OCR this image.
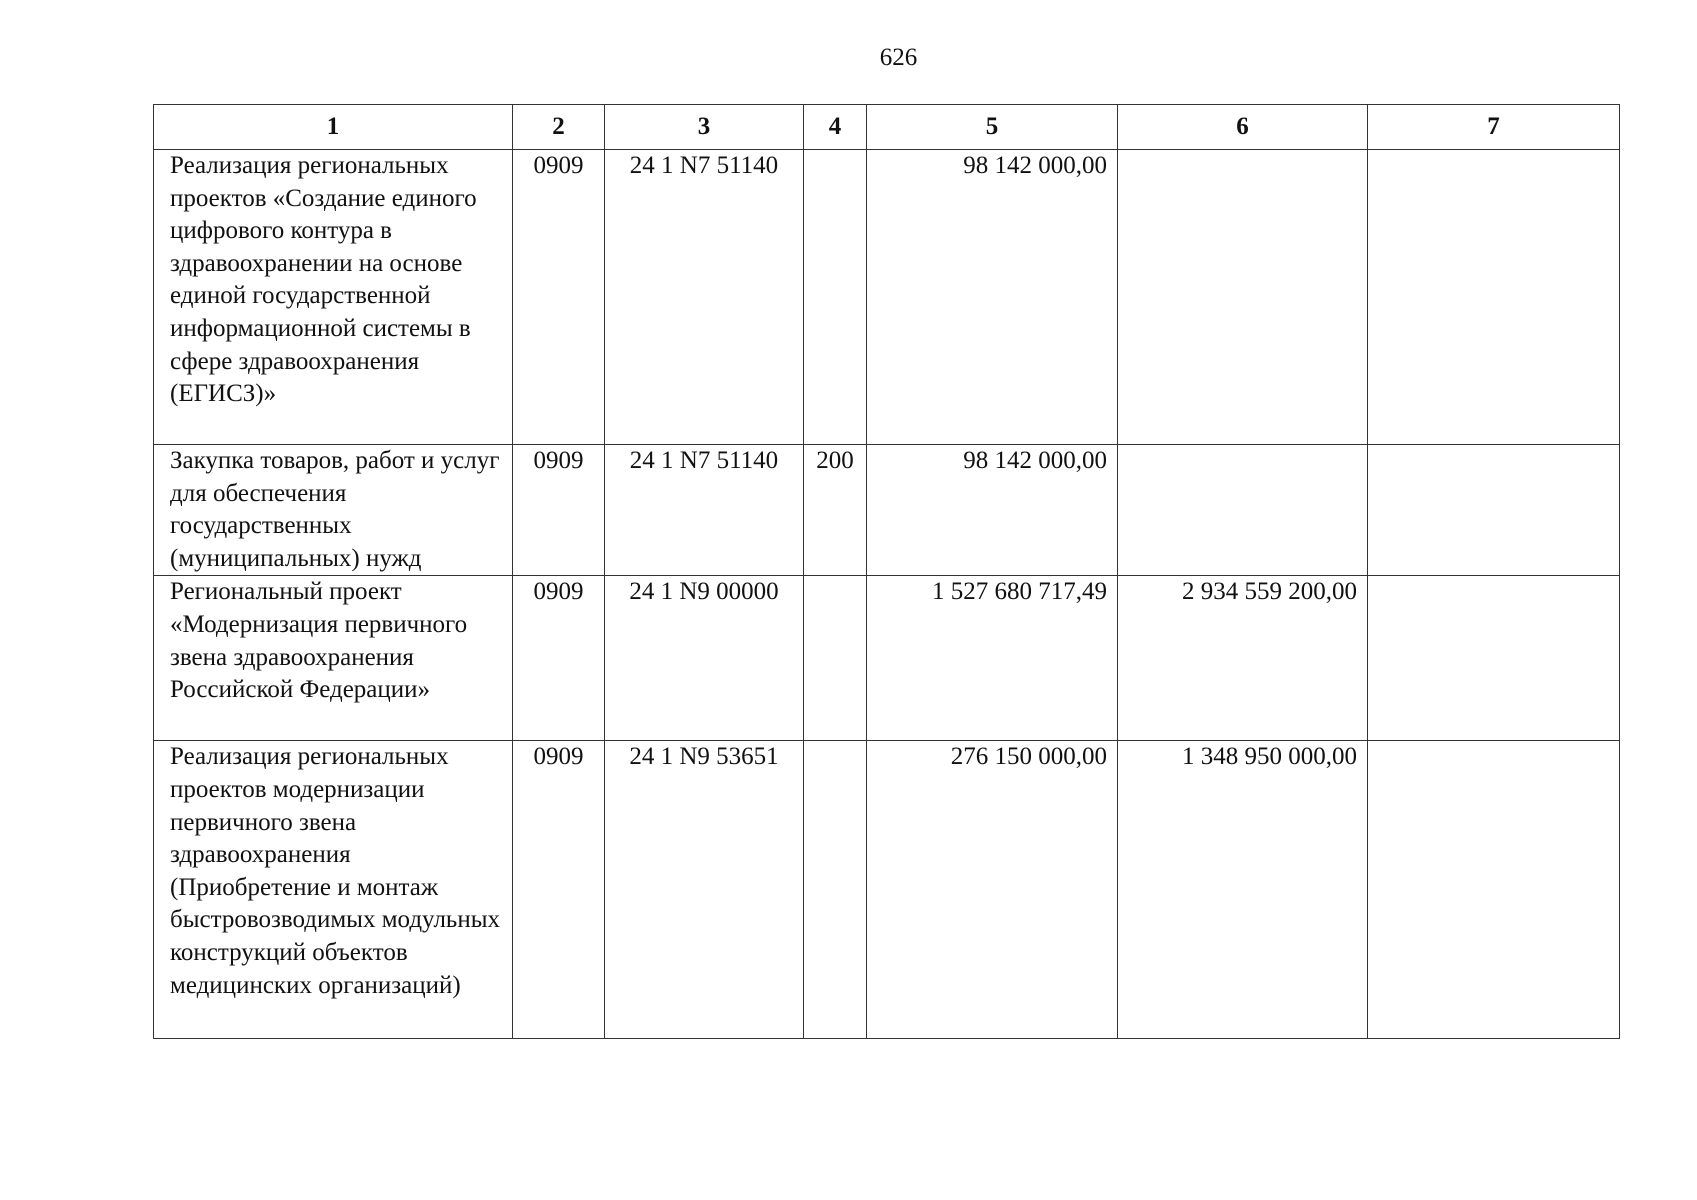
626
1	2	3	4	5	6	7
Реализация региональных проектов «Создание единого цифрового контура в здравоохранении на основе единой государственной информационной системы в сфере здравоохранения (ЕГИСЗ)»	0909	24 1 N7 51140		98 142 000,00		
Закупка товаров, работ и услуг для обеспечения государственных (муниципальных) нужд	0909	24 1 N7 51140	200	98 142 000,00		
Региональный проект «Модернизация первичного звена здравоохранения Российской Федерации»	0909	24 1 N9 00000		1 527 680 717,49	2 934 559 200,00	
Реализация региональных проектов модернизации первичного звена здравоохранения (Приобретение и монтаж быстровозводимых модульных конструкций объектов медицинских организаций)	0909	24 1 N9 53651		276 150 000,00	1 348 950 000,00	
